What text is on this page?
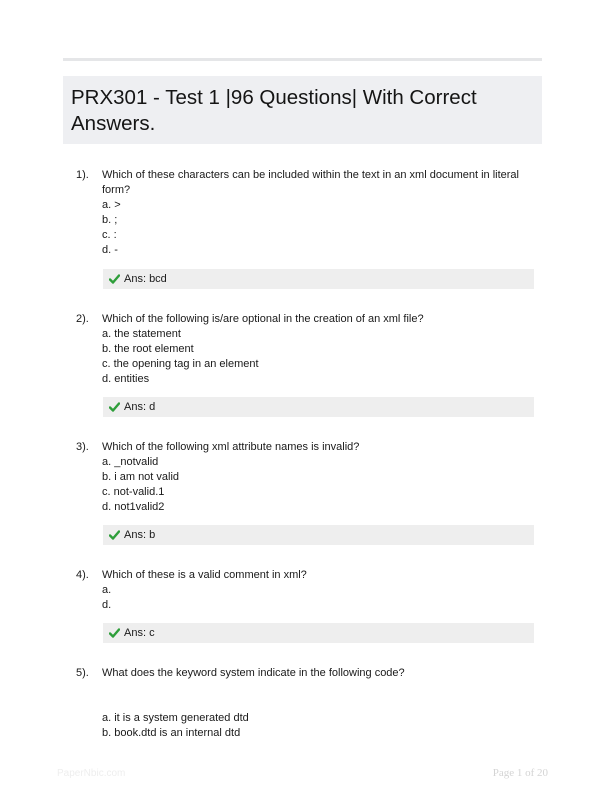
PRX301 - Test 1 |96 Questions| With Correct Answers.
1). Which of these characters can be included within the text in an xml document in literal form?
a. >
b. ;
c. :
d. -
Ans: bcd
2). Which of the following is/are optional in the creation of an xml file?
a. the statement
b. the root element
c. the opening tag in an element
d. entities
Ans: d
3). Which of the following xml attribute names is invalid?
a. _notvalid
b. i am not valid
c. not-valid.1
d. not1valid2
Ans: b
4). Which of these is a valid comment in xml?
a.
d.
Ans: c
5). What does the keyword system indicate in the following code?
a. it is a system generated dtd
b. book.dtd is an internal dtd
PaperNbic.com	Page 1 of 20
